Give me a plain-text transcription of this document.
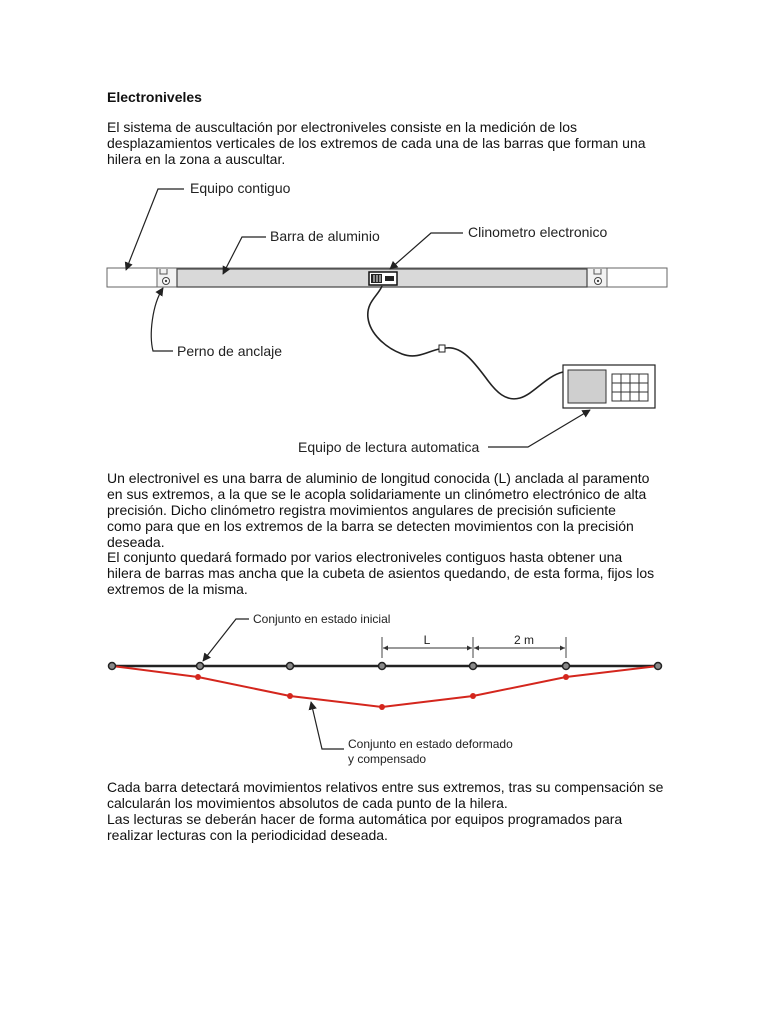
Electroniveles
El sistema de auscultación por electroniveles consiste en la medición de los
desplazamientos verticales de los extremos de cada una de las barras que forman una
hilera en la zona a auscultar.
Equipo contiguo
Barra de aluminio	Clinometro electronico
Perno de anclaje
Equipo de lectura automatica
Un electronivel es una barra de aluminio de longitud conocida (L) anclada al paramento
en sus extremos, a la que se le acopla solidariamente un clinómetro electrónico de alta
precisión. Dicho clinómetro registra movimientos angulares de precisión suficiente
como para que en los extremos de la barra se detecten movimientos con la precisión
deseada.
El conjunto quedará formado por varios electroniveles contiguos hasta obtener una
hilera de barras mas ancha que la cubeta de asientos quedando, de esta forma, fijos los
extremos de la misma.
L	2 m
Conjunto en estado inicial
Conjunto en estado deformado
y compensado
Cada barra detectará movimientos relativos entre sus extremos, tras su compensación se
calcularán los movimientos absolutos de cada punto de la hilera.
Las lecturas se deberán hacer de forma automática por equipos programados para
realizar lecturas con la periodicidad deseada.
